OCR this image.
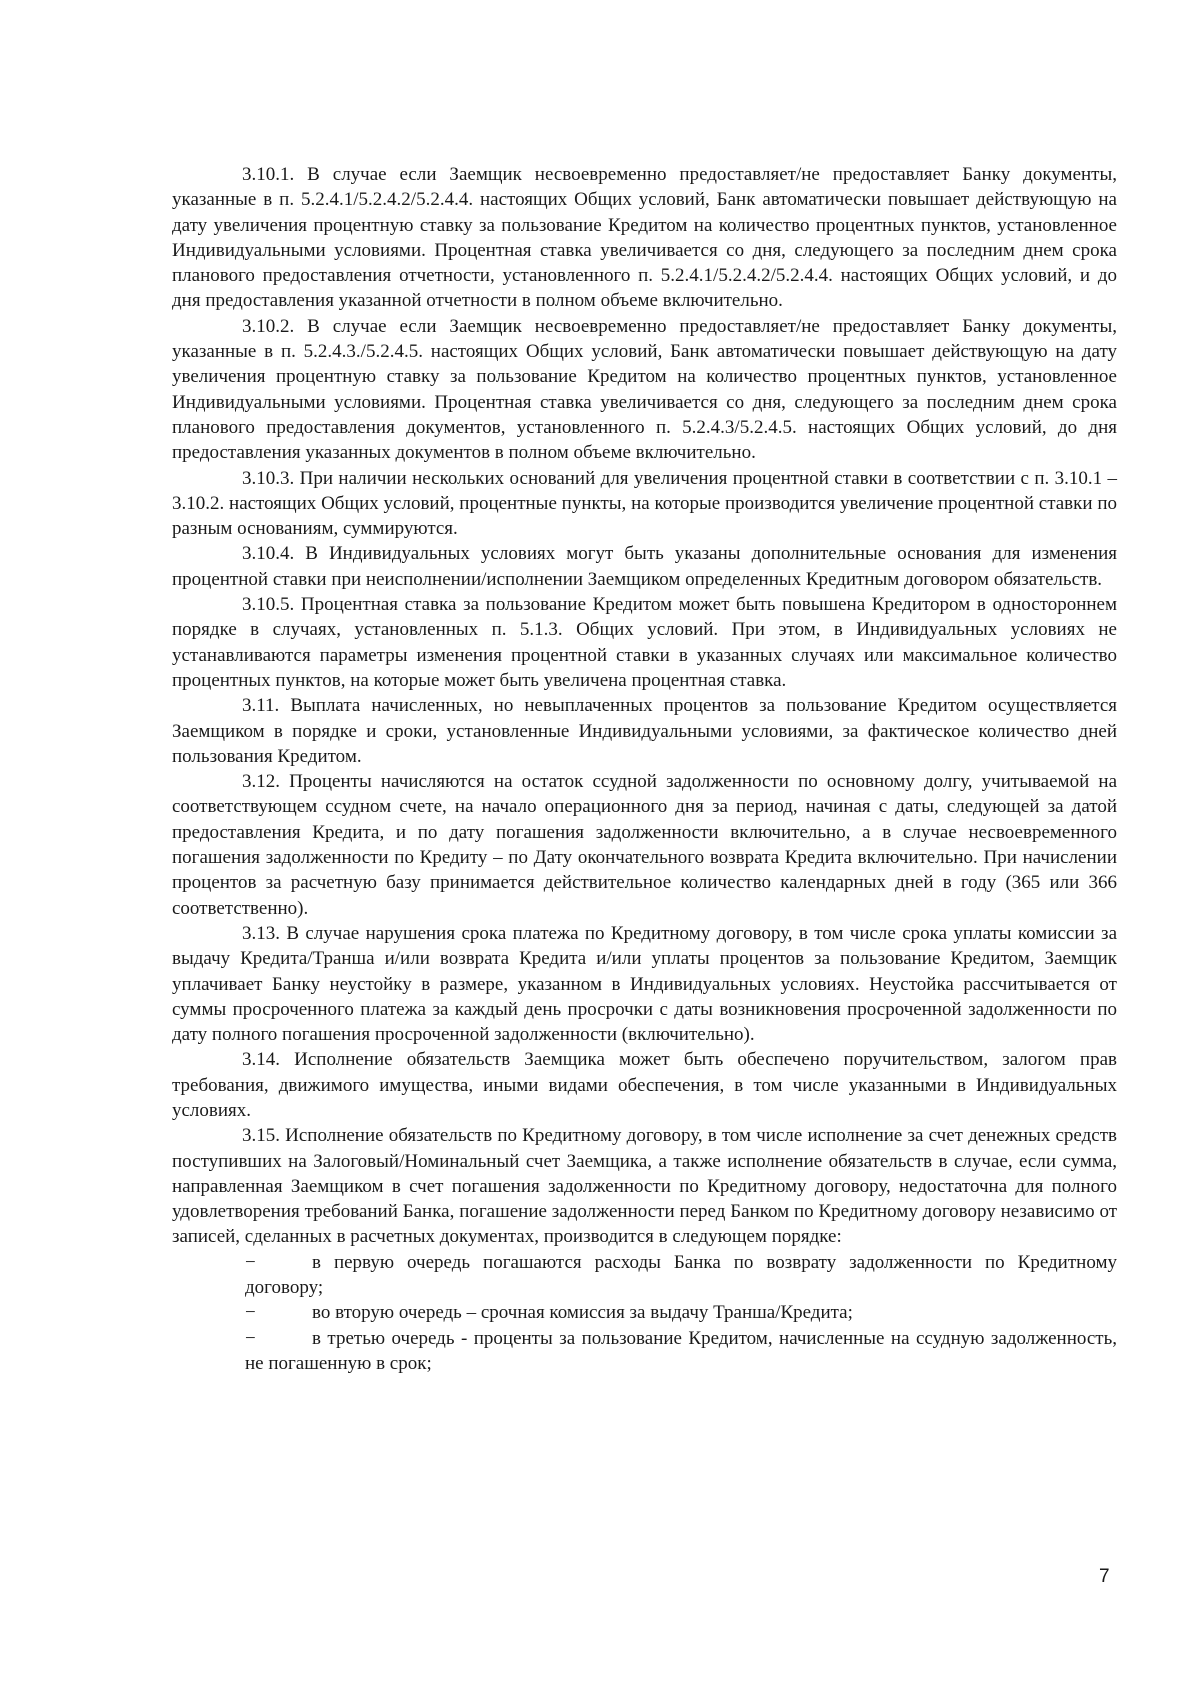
3.10.1. В случае если Заемщик несвоевременно предоставляет/не предоставляет Банку документы, указанные в п. 5.2.4.1/5.2.4.2/5.2.4.4. настоящих Общих условий, Банк автоматически повышает действующую на дату увеличения процентную ставку за пользование Кредитом на количество процентных пунктов, установленное Индивидуальными условиями. Процентная ставка увеличивается со дня, следующего за последним днем срока планового предоставления отчетности, установленного п. 5.2.4.1/5.2.4.2/5.2.4.4. настоящих Общих условий, и до дня предоставления указанной отчетности в полном объеме включительно.

3.10.2. В случае если Заемщик несвоевременно предоставляет/не предоставляет Банку документы, указанные в п. 5.2.4.3./5.2.4.5. настоящих Общих условий, Банк автоматически повышает действующую на дату увеличения процентную ставку за пользование Кредитом на количество процентных пунктов, установленное Индивидуальными условиями. Процентная ставка увеличивается со дня, следующего за последним днем срока планового предоставления документов, установленного п. 5.2.4.3/5.2.4.5. настоящих Общих условий, до дня предоставления указанных документов в полном объеме включительно.

3.10.3. При наличии нескольких оснований для увеличения процентной ставки в соответствии с п. 3.10.1 – 3.10.2. настоящих Общих условий, процентные пункты, на которые производится увеличение процентной ставки по разным основаниям, суммируются.

3.10.4. В Индивидуальных условиях могут быть указаны дополнительные основания для изменения процентной ставки при неисполнении/исполнении Заемщиком определенных Кредитным договором обязательств.

3.10.5. Процентная ставка за пользование Кредитом может быть повышена Кредитором в одностороннем порядке в случаях, установленных п. 5.1.3. Общих условий. При этом, в Индивидуальных условиях не устанавливаются параметры изменения процентной ставки в указанных случаях или максимальное количество процентных пунктов, на которые может быть увеличена процентная ставка.

3.11. Выплата начисленных, но невыплаченных процентов за пользование Кредитом осуществляется Заемщиком в порядке и сроки, установленные Индивидуальными условиями, за фактическое количество дней пользования Кредитом.

3.12. Проценты начисляются на остаток ссудной задолженности по основному долгу, учитываемой на соответствующем ссудном счете, на начало операционного дня за период, начиная с даты, следующей за датой предоставления Кредита, и по дату погашения задолженности включительно, а в случае несвоевременного погашения задолженности по Кредиту – по Дату окончательного возврата Кредита включительно. При начислении процентов за расчетную базу принимается действительное количество календарных дней в году (365 или 366 соответственно).

3.13. В случае нарушения срока платежа по Кредитному договору, в том числе срока уплаты комиссии за выдачу Кредита/Транша и/или возврата Кредита и/или уплаты процентов за пользование Кредитом, Заемщик уплачивает Банку неустойку в размере, указанном в Индивидуальных условиях. Неустойка рассчитывается от суммы просроченного платежа за каждый день просрочки с даты возникновения просроченной задолженности по дату полного погашения просроченной задолженности (включительно).

3.14. Исполнение обязательств Заемщика может быть обеспечено поручительством, залогом прав требования, движимого имущества, иными видами обеспечения, в том числе указанными в Индивидуальных условиях.

3.15. Исполнение обязательств по Кредитному договору, в том числе исполнение за счет денежных средств поступивших на Залоговый/Номинальный счет Заемщика, а также исполнение обязательств в случае, если сумма, направленная Заемщиком в счет погашения задолженности по Кредитному договору, недостаточна для полного удовлетворения требований Банка, погашение задолженности перед Банком по Кредитному договору независимо от записей, сделанных в расчетных документах, производится в следующем порядке:

−	в первую очередь погашаются расходы Банка по возврату задолженности по Кредитному договору;
−	во вторую очередь – срочная комиссия за выдачу Транша/Кредита;
−	в третью очередь - проценты за пользование Кредитом, начисленные на ссудную задолженность, не погашенную в срок;
7
